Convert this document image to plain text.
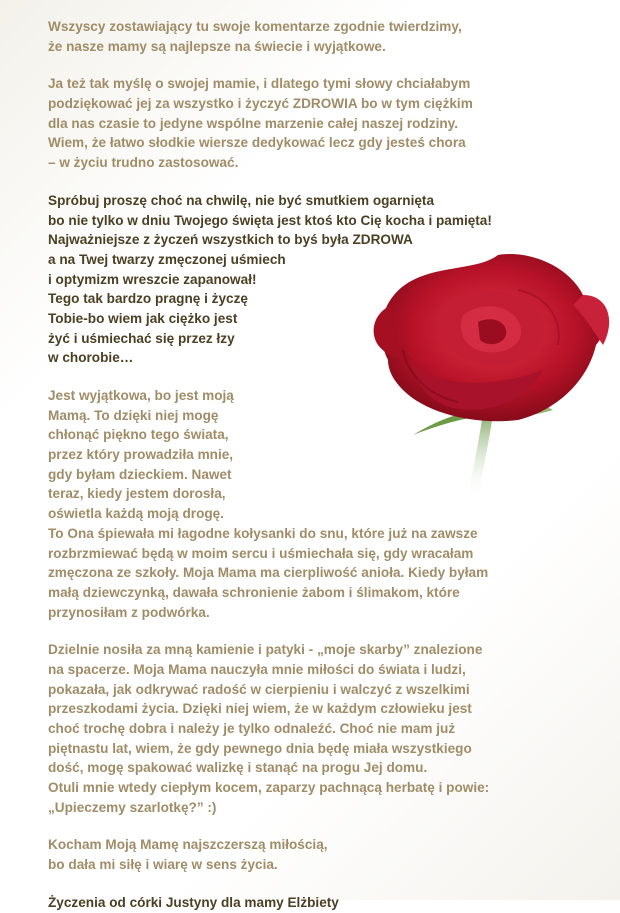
Wszyscy zostawiający tu swoje komentarze zgodnie twierdzimy,
że nasze mamy są najlepsze na świecie i wyjątkowe.
Ja też tak myślę o swojej mamie, i dlatego tymi słowy chciałabym
podziękować jej za wszystko i życzyć ZDROWIA bo w tym ciężkim
dla nas czasie to jedyne wspólne marzenie całej naszej rodziny.
Wiem, że łatwo słodkie wiersze dedykować lecz gdy jesteś chora
– w życiu trudno zastosować.
Spróbuj proszę choć na chwilę, nie być smutkiem ogarnięta
bo nie tylko w dniu Twojego święta jest ktoś kto Cię kocha i pamięta!
Najważniejsze z życzeń wszystkich to byś była ZDROWA
a na Twej twarzy zmęczonej uśmiech
i optymizm wreszcie zapanował!
Tego tak bardzo pragnę i życzę
Tobie-bo wiem jak ciężko jest
żyć i uśmiechać się przez łzy
w chorobie…
Jest wyjątkowa, bo jest moją
Mamą. To dzięki niej mogę
chłonąć piękno tego świata,
przez który prowadziła mnie,
gdy byłam dzieckiem. Nawet
teraz, kiedy jestem dorosła,
oświetla każdą moją drogę.
To Ona śpiewała mi łagodne kołysanki do snu, które już na zawsze
rozbrzmiewać będą w moim sercu i uśmiechała się, gdy wracałam
zmęczona ze szkoły. Moja Mama ma cierpliwość anioła. Kiedy byłam
małą dziewczynką, dawała schronienie żabom i ślimakom, które
przynosiłam z podwórka.
Dzielnie nosiła za mną kamienie i patyki - „moje skarby” znalezione
na spacerze. Moja Mama nauczyła mnie miłości do świata i ludzi,
pokazała, jak odkrywać radość w cierpieniu i walczyć z wszelkimi
przeszkodami życia. Dzięki niej wiem, że w każdym człowieku jest
choć trochę dobra i należy je tylko odnaleźć. Choć nie mam już
piętnastu lat, wiem, że gdy pewnego dnia będę miała wszystkiego
dość, mogę spakować walizkę i stanąć na progu Jej domu.
Otuli mnie wtedy ciepłym kocem, zaparzy pachnącą herbatę i powie:
„Upieczemy szarlotkę?” :)
Kocham Moją Mamę najszczerszą miłością,
bo dała mi siłę i wiarę w sens życia.
Życzenia od córki Justyny dla mamy Elżbiety
